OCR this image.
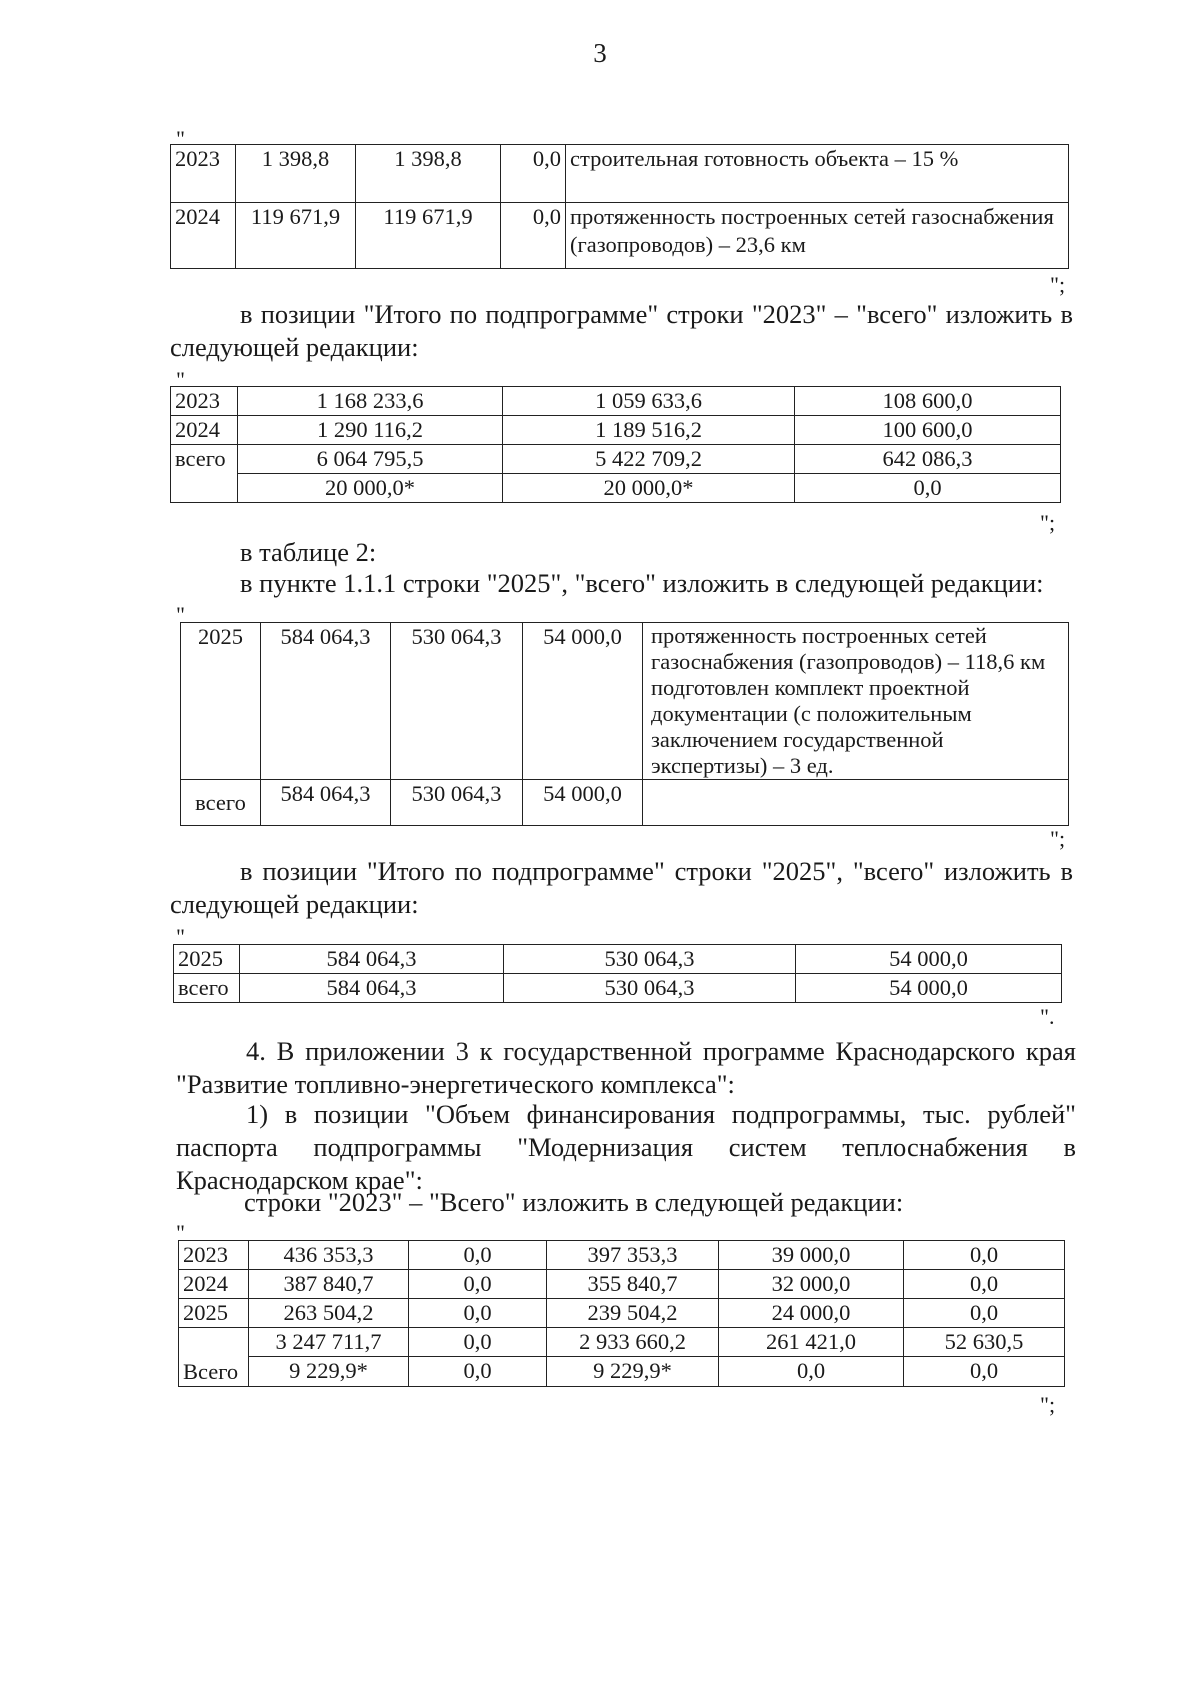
3
"
2023	1 398,8	1 398,8	0,0	строительная готовность объекта – 15 %
2024	119 671,9	119 671,9	0,0	протяженность построенных сетей газоснабжения (газопроводов) – 23,6 км
";
в позиции "Итого по подпрограмме" строки "2023" – "всего" изложить в следующей редакции:
"
2023	1 168 233,6	1 059 633,6	108 600,0
2024	1 290 116,2	1 189 516,2	100 600,0
всего	6 064 795,5	5 422 709,2	642 086,3
	20 000,0*	20 000,0*	0,0
";
в таблице 2:
в пункте 1.1.1 строки "2025", "всего" изложить в следующей редакции:
"
2025	584 064,3	530 064,3	54 000,0	протяженность построенных сетей газоснабжения (газопроводов) – 118,6 км подготовлен комплект проектной документации (с положительным заключением государственной экспертизы) – 3 ед.
всего	584 064,3	530 064,3	54 000,0	
";
в позиции "Итого по подпрограмме" строки "2025", "всего" изложить в следующей редакции:
"
2025	584 064,3	530 064,3	54 000,0
всего	584 064,3	530 064,3	54 000,0
".
4. В приложении 3 к государственной программе Краснодарского края "Развитие топливно-энергетического комплекса":
1) в позиции "Объем финансирования подпрограммы, тыс. рублей" паспорта подпрограммы "Модернизация систем теплоснабжения в Краснодарском крае":
строки "2023" – "Всего" изложить в следующей редакции:
"
2023	436 353,3	0,0	397 353,3	39 000,0	0,0
2024	387 840,7	0,0	355 840,7	32 000,0	0,0
2025	263 504,2	0,0	239 504,2	24 000,0	0,0
Всего	3 247 711,7	0,0	2 933 660,2	261 421,0	52 630,5
	9 229,9*	0,0	9 229,9*	0,0	0,0
";
